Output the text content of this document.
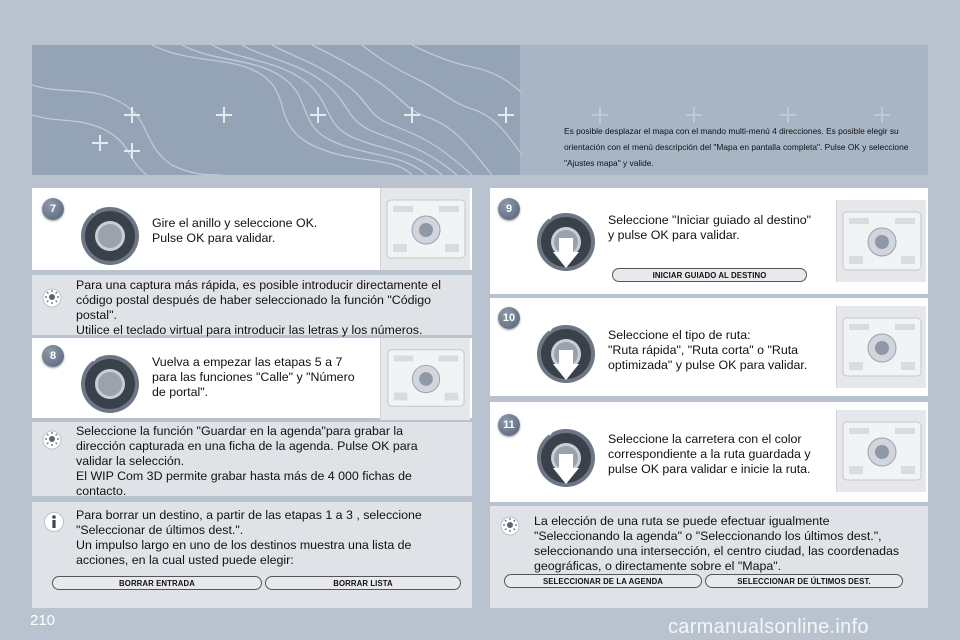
Es posible desplazar el mapa con el mando multi-menú 4 direcciones. Es posible elegir su orientación con el menú descripción del "Mapa en pantalla completa". Pulse OK y seleccione "Ajustes mapa" y valide.
7
Gire el anillo y seleccione OK.
Pulse OK para validar.
Para una captura más rápida, es posible introducir directamente el
código postal después de haber seleccionado la función "Código
postal".
Utilice el teclado virtual para introducir las letras y los números.
8	Vuelva a empezar las etapas 5 a 7
para las funciones "Calle" y "Número
de portal".
Seleccione la función "Guardar en la agenda"para grabar la
dirección capturada en una ficha de la agenda. Pulse OK para
validar la selección.
El WIP Com 3D permite grabar hasta más de 4 000 fichas de
contacto.
Para borrar un destino, a partir de las etapas 1 a 3 , seleccione
"Seleccionar de últimos dest.".
Un impulso largo en uno de los destinos muestra una lista de
acciones, en la cual usted puede elegir:
BORRAR ENTRADA	BORRAR LISTA
9
Seleccione "Iniciar guiado al destino"
y pulse OK para validar.
INICIAR GUIADO AL DESTINO
10
Seleccione el tipo de ruta:
"Ruta rápida", "Ruta corta" o "Ruta
optimizada" y pulse OK para validar.
11
Seleccione la carretera con el color
correspondiente a la ruta guardada y
pulse OK para validar e inicie la ruta.
La elección de una ruta se puede efectuar igualmente
"Seleccionando la agenda" o "Seleccionando los últimos dest.",
seleccionando una intersección, el centro ciudad, las coordenadas
geográficas, o directamente sobre el "Mapa".
SELECCIONAR DE LA AGENDA	SELECCIONAR DE ÚLTIMOS DEST.
210	carmanualsonline.info
